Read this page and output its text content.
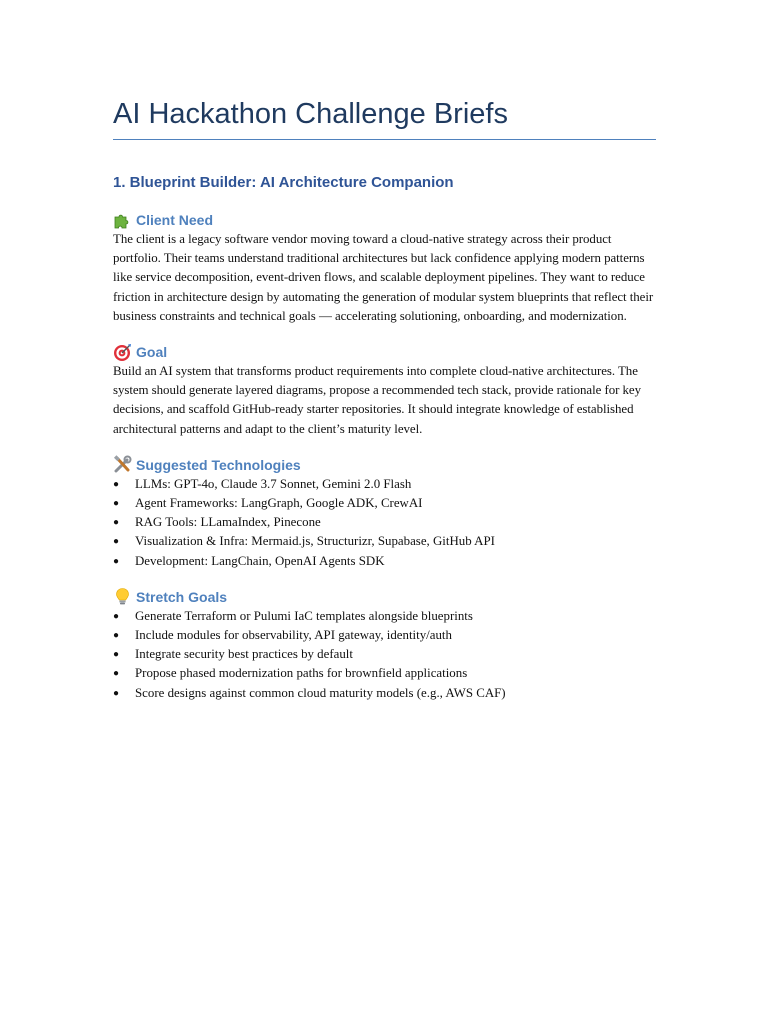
AI Hackathon Challenge Briefs
1. Blueprint Builder: AI Architecture Companion
Client Need

The client is a legacy software vendor moving toward a cloud-native strategy across their product portfolio. Their teams understand traditional architectures but lack confidence applying modern patterns like service decomposition, event-driven flows, and scalable deployment pipelines. They want to reduce friction in architecture design by automating the generation of modular system blueprints that reflect their business constraints and technical goals — accelerating solutioning, onboarding, and modernization.

Goal

Build an AI system that transforms product requirements into complete cloud-native architectures. The system should generate layered diagrams, propose a recommended tech stack, provide rationale for key decisions, and scaffold GitHub-ready starter repositories. It should integrate knowledge of established architectural patterns and adapt to the client’s maturity level.

Suggested Technologies
●	LLMs: GPT-4o, Claude 3.7 Sonnet, Gemini 2.0 Flash
●	Agent Frameworks: LangGraph, Google ADK, CrewAI
●	RAG Tools: LLamaIndex, Pinecone
●	Visualization & Infra: Mermaid.js, Structurizr, Supabase, GitHub API
●	Development: LangChain, OpenAI Agents SDK
Stretch Goals
●	Generate Terraform or Pulumi IaC templates alongside blueprints
●	Include modules for observability, API gateway, identity/auth
●	Integrate security best practices by default
●	Propose phased modernization paths for brownfield applications
●	Score designs against common cloud maturity models (e.g., AWS CAF)
